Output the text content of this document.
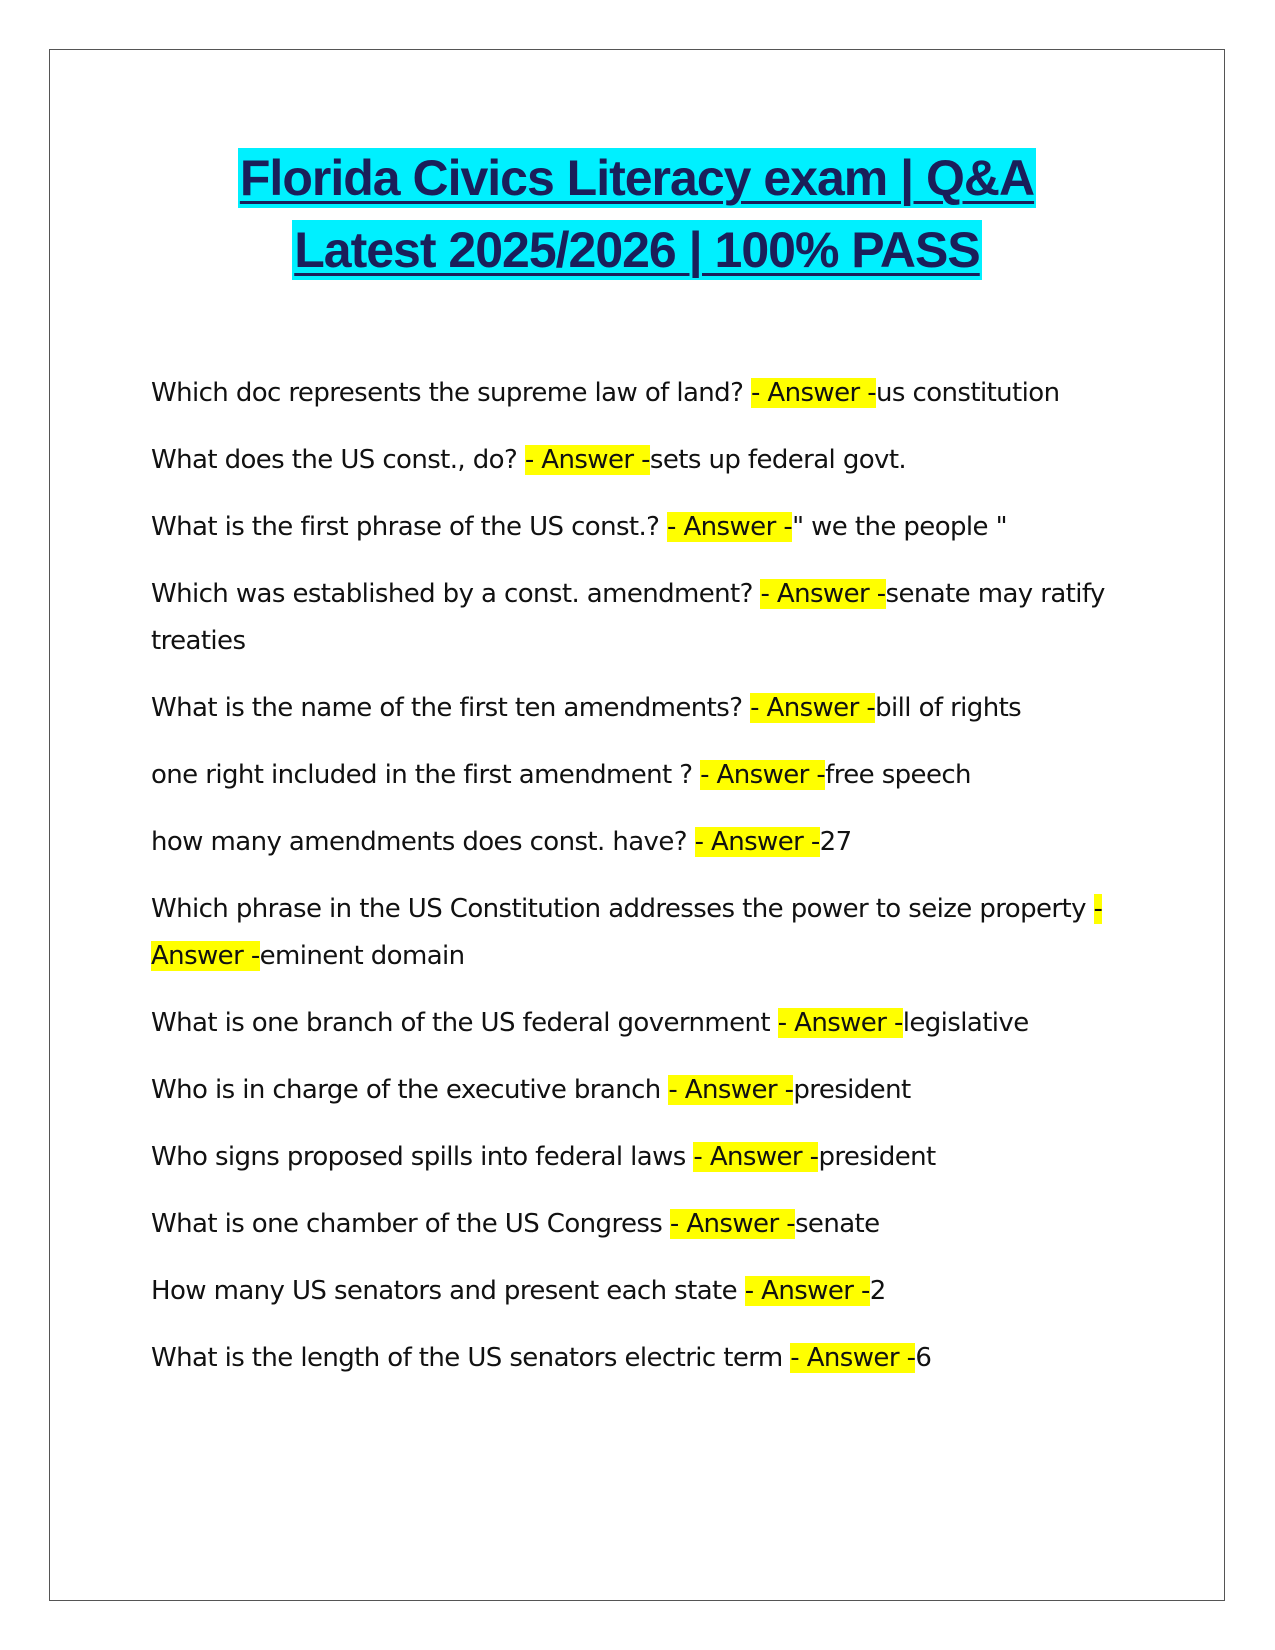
Florida Civics Literacy exam | Q&A
Latest 2025/2026 | 100% PASS
Which doc represents the supreme law of land? - Answer -us constitution
What does the US const., do? - Answer -sets up federal govt.
What is the first phrase of the US const.? - Answer -" we the people "
Which was established by a const. amendment? - Answer -senate may ratify treaties
What is the name of the first ten amendments? - Answer -bill of rights
one right included in the first amendment ? - Answer -free speech
how many amendments does const. have? - Answer -27
Which phrase in the US Constitution addresses the power to seize property - Answer -eminent domain
What is one branch of the US federal government - Answer -legislative
Who is in charge of the executive branch - Answer -president
Who signs proposed spills into federal laws - Answer -president
What is one chamber of the US Congress - Answer -senate
How many US senators and present each state - Answer -2
What is the length of the US senators electric term - Answer -6
